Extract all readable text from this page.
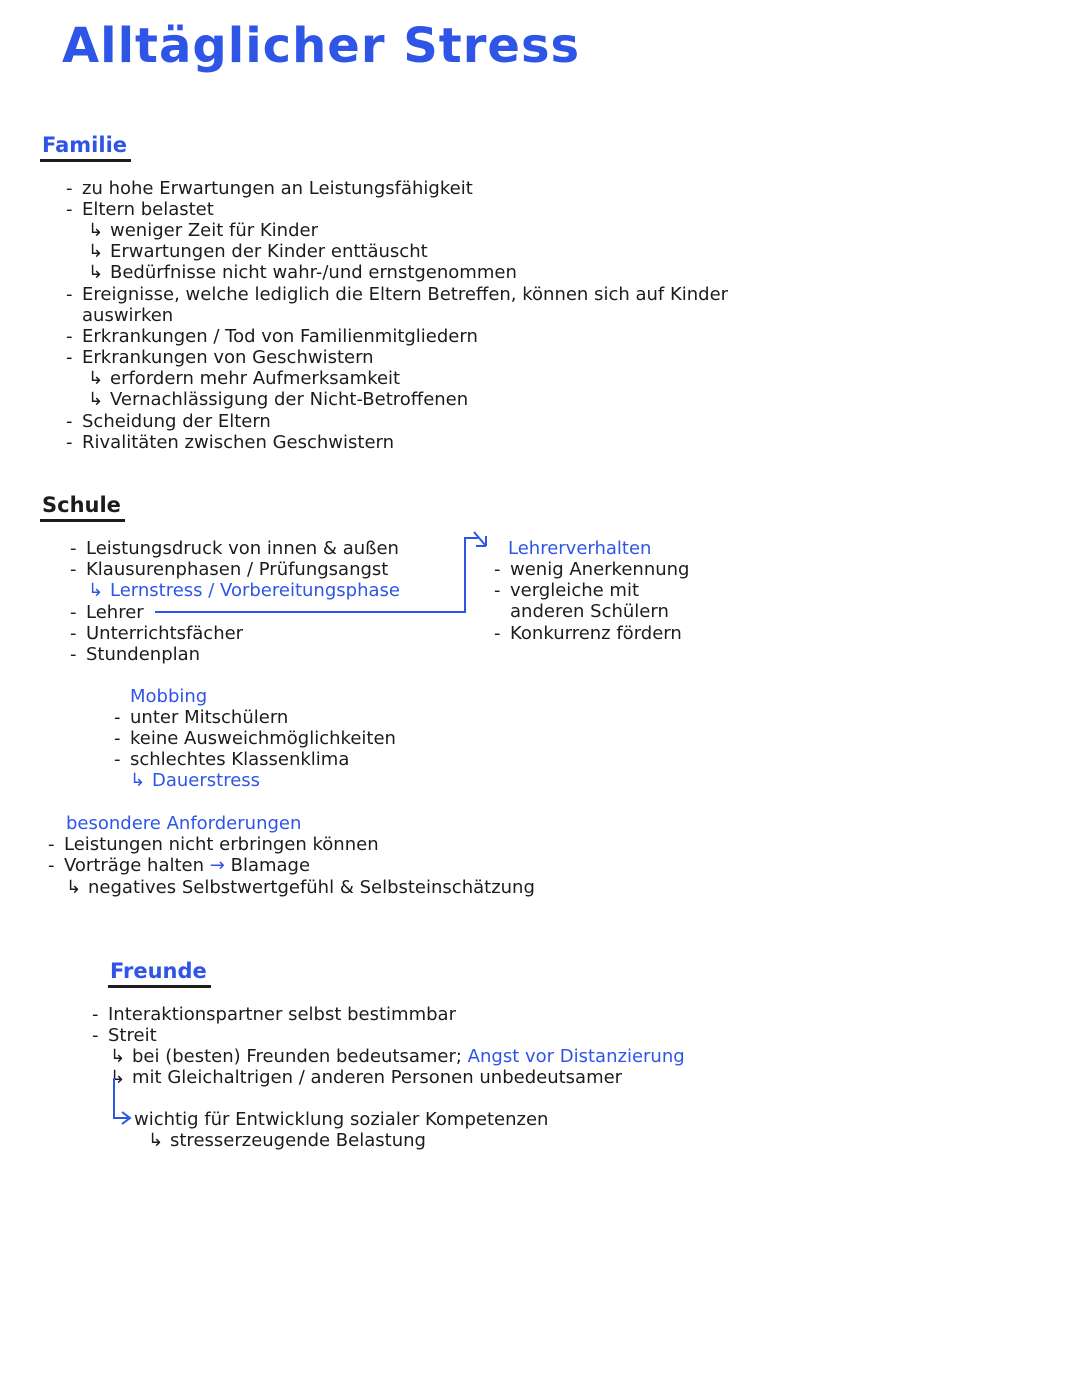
Alltäglicher Stress
Familie
- zu hohe Erwartungen an Leistungsfähigkeit
- Eltern belastet
↳ weniger Zeit für Kinder
↳ Erwartungen der Kinder enttäuscht
↳ Bedürfnisse nicht wahr-/und ernstgenommen
- Ereignisse, welche lediglich die Eltern Betreffen, können sich auf Kinder
auswirken
- Erkrankungen / Tod von Familienmitgliedern
- Erkrankungen von Geschwistern
↳ erfordern mehr Aufmerksamkeit
↳ Vernachlässigung der Nicht-Betroffenen
- Scheidung der Eltern
- Rivalitäten zwischen Geschwistern
Schule
- Leistungsdruck von innen & außen
- Klausurenphasen / Prüfungsangst
↳ Lernstress / Vorbereitungsphase
- Lehrer
- Unterrichtsfächer
- Stundenplan
Lehrerverhalten
- wenig Anerkennung
- vergleiche mit
anderen Schülern
- Konkurrenz fördern
Mobbing
- unter Mitschülern
- keine Ausweichmöglichkeiten
- schlechtes Klassenklima
↳ Dauerstress
besondere Anforderungen
- Leistungen nicht erbringen können
- Vorträge halten → Blamage
↳ negatives Selbstwertgefühl & Selbsteinschätzung
Freunde
- Interaktionspartner selbst bestimmbar
- Streit
↳ bei (besten) Freunden bedeutsamer; Angst vor Distanzierung
↳ mit Gleichaltrigen / anderen Personen unbedeutsamer
wichtig für Entwicklung sozialer Kompetenzen
↳ stresserzeugende Belastung
